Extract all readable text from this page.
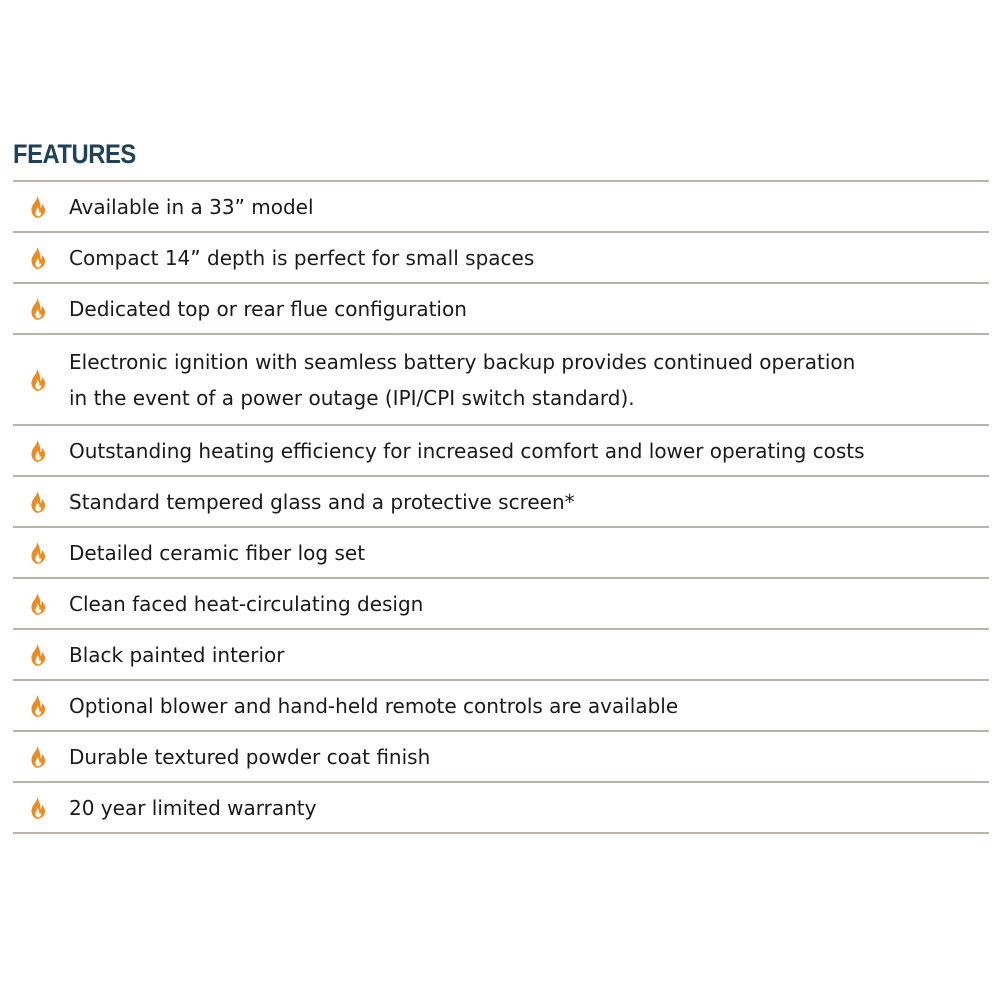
FEATURES
Available in a 33” model
Compact 14” depth is perfect for small spaces
Dedicated top or rear flue configuration
Electronic ignition with seamless battery backup provides continued operation
in the event of a power outage (IPI/CPI switch standard).
Outstanding heating efficiency for increased comfort and lower operating costs
Standard tempered glass and a protective screen*
Detailed ceramic fiber log set
Clean faced heat-circulating design
Black painted interior
Optional blower and hand-held remote controls are available
Durable textured powder coat finish
20 year limited warranty
